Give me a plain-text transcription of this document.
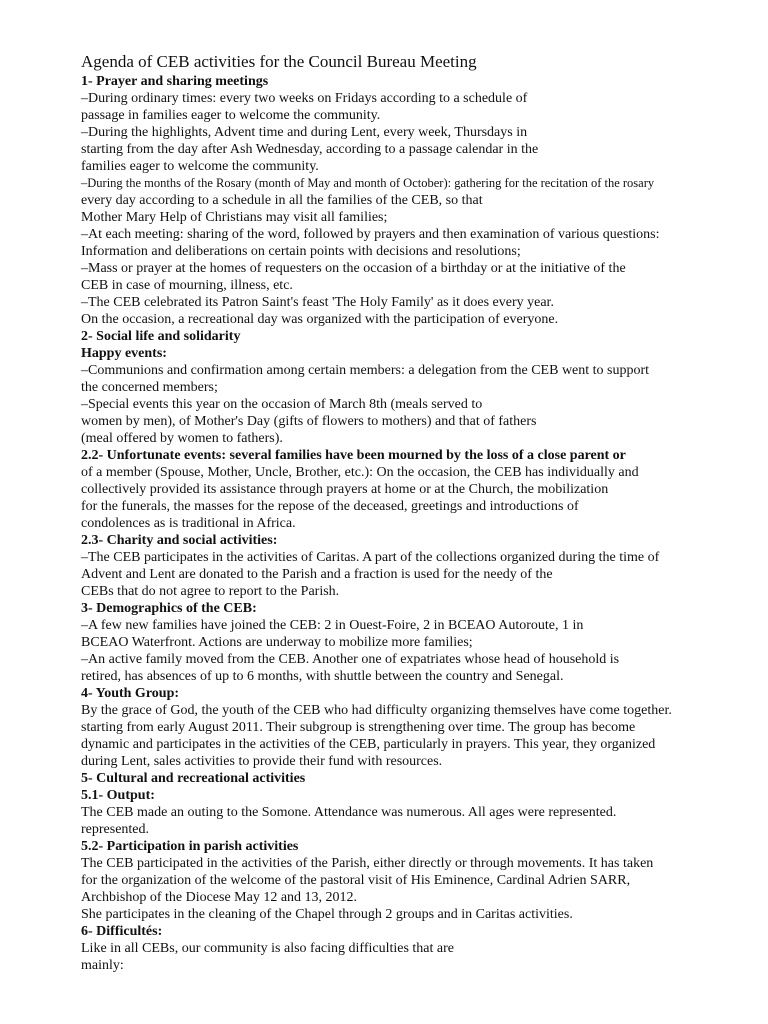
Agenda of CEB activities for the Council Bureau Meeting
1- Prayer and sharing meetings
–During ordinary times: every two weeks on Fridays according to a schedule of
passage in families eager to welcome the community.
–During the highlights, Advent time and during Lent, every week, Thursdays in
starting from the day after Ash Wednesday, according to a passage calendar in the
families eager to welcome the community.
–During the months of the Rosary (month of May and month of October): gathering for the recitation of the rosary
every day according to a schedule in all the families of the CEB, so that
Mother Mary Help of Christians may visit all families;
–At each meeting: sharing of the word, followed by prayers and then examination of various questions:
Information and deliberations on certain points with decisions and resolutions;
–Mass or prayer at the homes of requesters on the occasion of a birthday or at the initiative of the
CEB in case of mourning, illness, etc.
–The CEB celebrated its Patron Saint's feast 'The Holy Family' as it does every year.
On the occasion, a recreational day was organized with the participation of everyone.
2- Social life and solidarity
Happy events:
–Communions and confirmation among certain members: a delegation from the CEB went to support
the concerned members;
–Special events this year on the occasion of March 8th (meals served to
women by men), of Mother's Day (gifts of flowers to mothers) and that of fathers
(meal offered by women to fathers).
2.2- Unfortunate events: several families have been mourned by the loss of a close parent or
of a member (Spouse, Mother, Uncle, Brother, etc.): On the occasion, the CEB has individually and
collectively provided its assistance through prayers at home or at the Church, the mobilization
for the funerals, the masses for the repose of the deceased, greetings and introductions of
condolences as is traditional in Africa.
2.3- Charity and social activities:
–The CEB participates in the activities of Caritas. A part of the collections organized during the time of
Advent and Lent are donated to the Parish and a fraction is used for the needy of the
CEBs that do not agree to report to the Parish.
3- Demographics of the CEB:
–A few new families have joined the CEB: 2 in Ouest-Foire, 2 in BCEAO Autoroute, 1 in
BCEAO Waterfront. Actions are underway to mobilize more families;
–An active family moved from the CEB. Another one of expatriates whose head of household is
retired, has absences of up to 6 months, with shuttle between the country and Senegal.
4- Youth Group:
By the grace of God, the youth of the CEB who had difficulty organizing themselves have come together.
starting from early August 2011. Their subgroup is strengthening over time. The group has become
dynamic and participates in the activities of the CEB, particularly in prayers. This year, they organized
during Lent, sales activities to provide their fund with resources.
5- Cultural and recreational activities
5.1- Output:
The CEB made an outing to the Somone. Attendance was numerous. All ages were represented.
represented.
5.2- Participation in parish activities
The CEB participated in the activities of the Parish, either directly or through movements. It has taken
for the organization of the welcome of the pastoral visit of His Eminence, Cardinal Adrien SARR,
Archbishop of the Diocese May 12 and 13, 2012.
She participates in the cleaning of the Chapel through 2 groups and in Caritas activities.
6- Difficultés:
Like in all CEBs, our community is also facing difficulties that are
mainly:
